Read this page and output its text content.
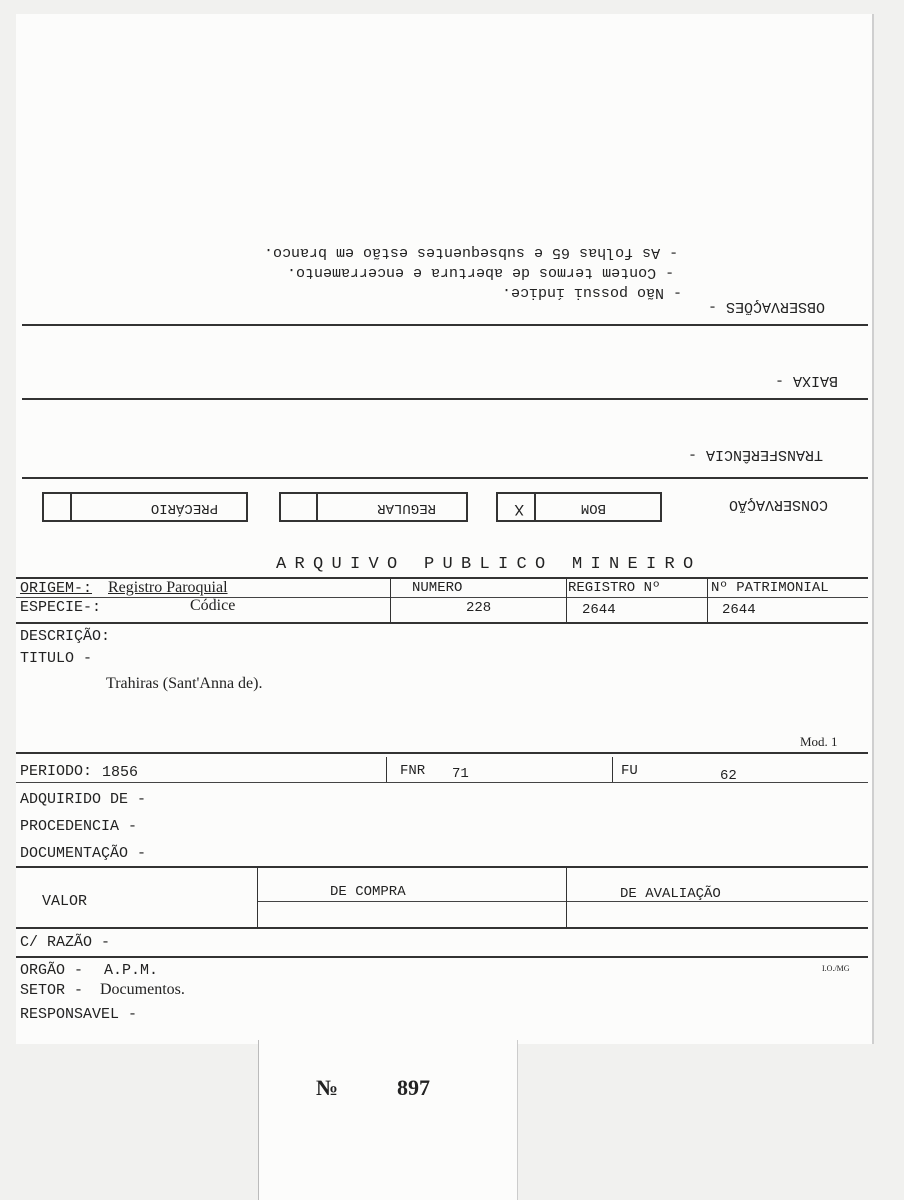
- As folhas 65 e subsequentes estão em branco.
- Contem termos de abertura e encerramento.
- Não possui índice.
OBSERVAÇÕES -
BAIXA -
TRANSFERÊNCIA -
CONSERVAÇÃO
BOM
X
REGULAR
PRECÁRIO
ARQUIVO PUBLICO MINEIRO
ORIGEM-: Registro Paroquial	NUMERO	REGISTRO Nº	Nº PATRIMONIAL
ESPECIE-:	Códice	228	2644	2644
DESCRIÇÃO:
TITULO -
Trahiras (Sant'Anna de).
Mod. 1
PERIODO: 1856	FNR 71	FU	62
ADQUIRIDO DE -
PROCEDENCIA -
DOCUMENTAÇÃO -
VALOR
DE COMPRA	DE AVALIAÇÃO
C/ RAZÃO -
ORGÃO - A.P.M.	I.O./MG
SETOR - Documentos.
RESPONSAVEL -
№	897
